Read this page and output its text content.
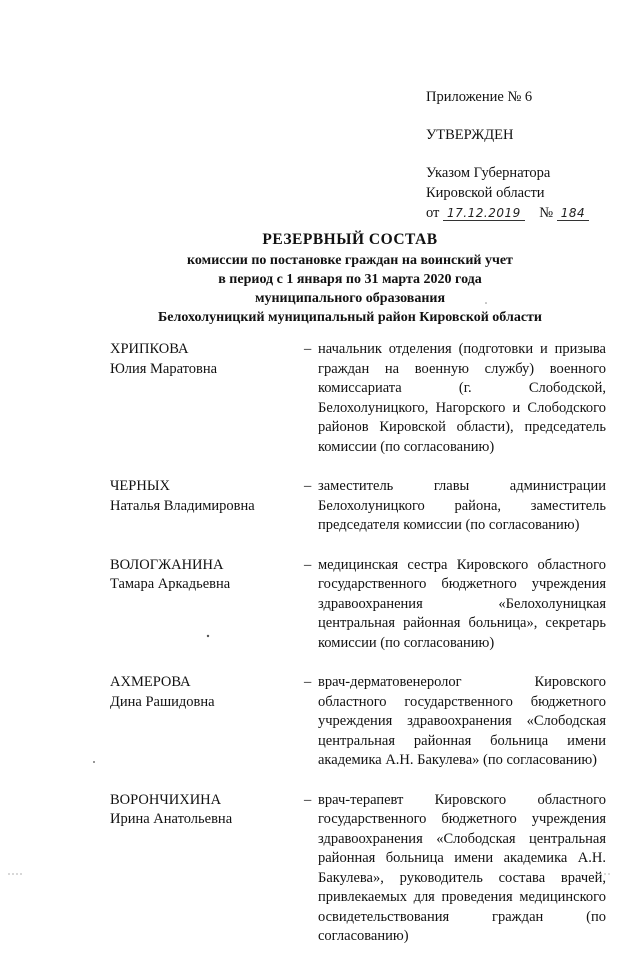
Приложение № 6
УТВЕРЖДЕН
Указом Губернатора
Кировской области
от 17.12.2019 № 184
РЕЗЕРВНЫЙ СОСТАВ
комиссии по постановке граждан на воинский учет
в период с 1 января по 31 марта 2020 года
муниципального образования
Белохолуницкий муниципальный район Кировской области
ХРИПКОВА
Юлия Маратовна
– начальник отделения (подготовки и призыва граждан на военную службу) военного комиссариата (г. Слободской, Белохолуницкого, Нагорского и Слободского районов Кировской области), председатель комиссии (по согласованию)
ЧЕРНЫХ
Наталья Владимировна
– заместитель главы администрации Белохолуницкого района, заместитель председателя комиссии (по согласованию)
ВОЛОГЖАНИНА
Тамара Аркадьевна
– медицинская сестра Кировского областного государственного бюджетного учреждения здравоохранения «Белохолуницкая центральная районная больница», секретарь комиссии (по согласованию)
АХМЕРОВА
Дина Рашидовна
– врач-дерматовенеролог Кировского областного государственного бюджетного учреждения здравоохранения «Слободская центральная районная больница имени академика А.Н. Бакулева» (по согласованию)
ВОРОНЧИХИНА
Ирина Анатольевна
– врач-терапевт Кировского областного государственного бюджетного учреждения здравоохранения «Слободская центральная районная больница имени академика А.Н. Бакулева», руководитель состава врачей, привлекаемых для проведения медицинского освидетельствования граждан (по согласованию)
